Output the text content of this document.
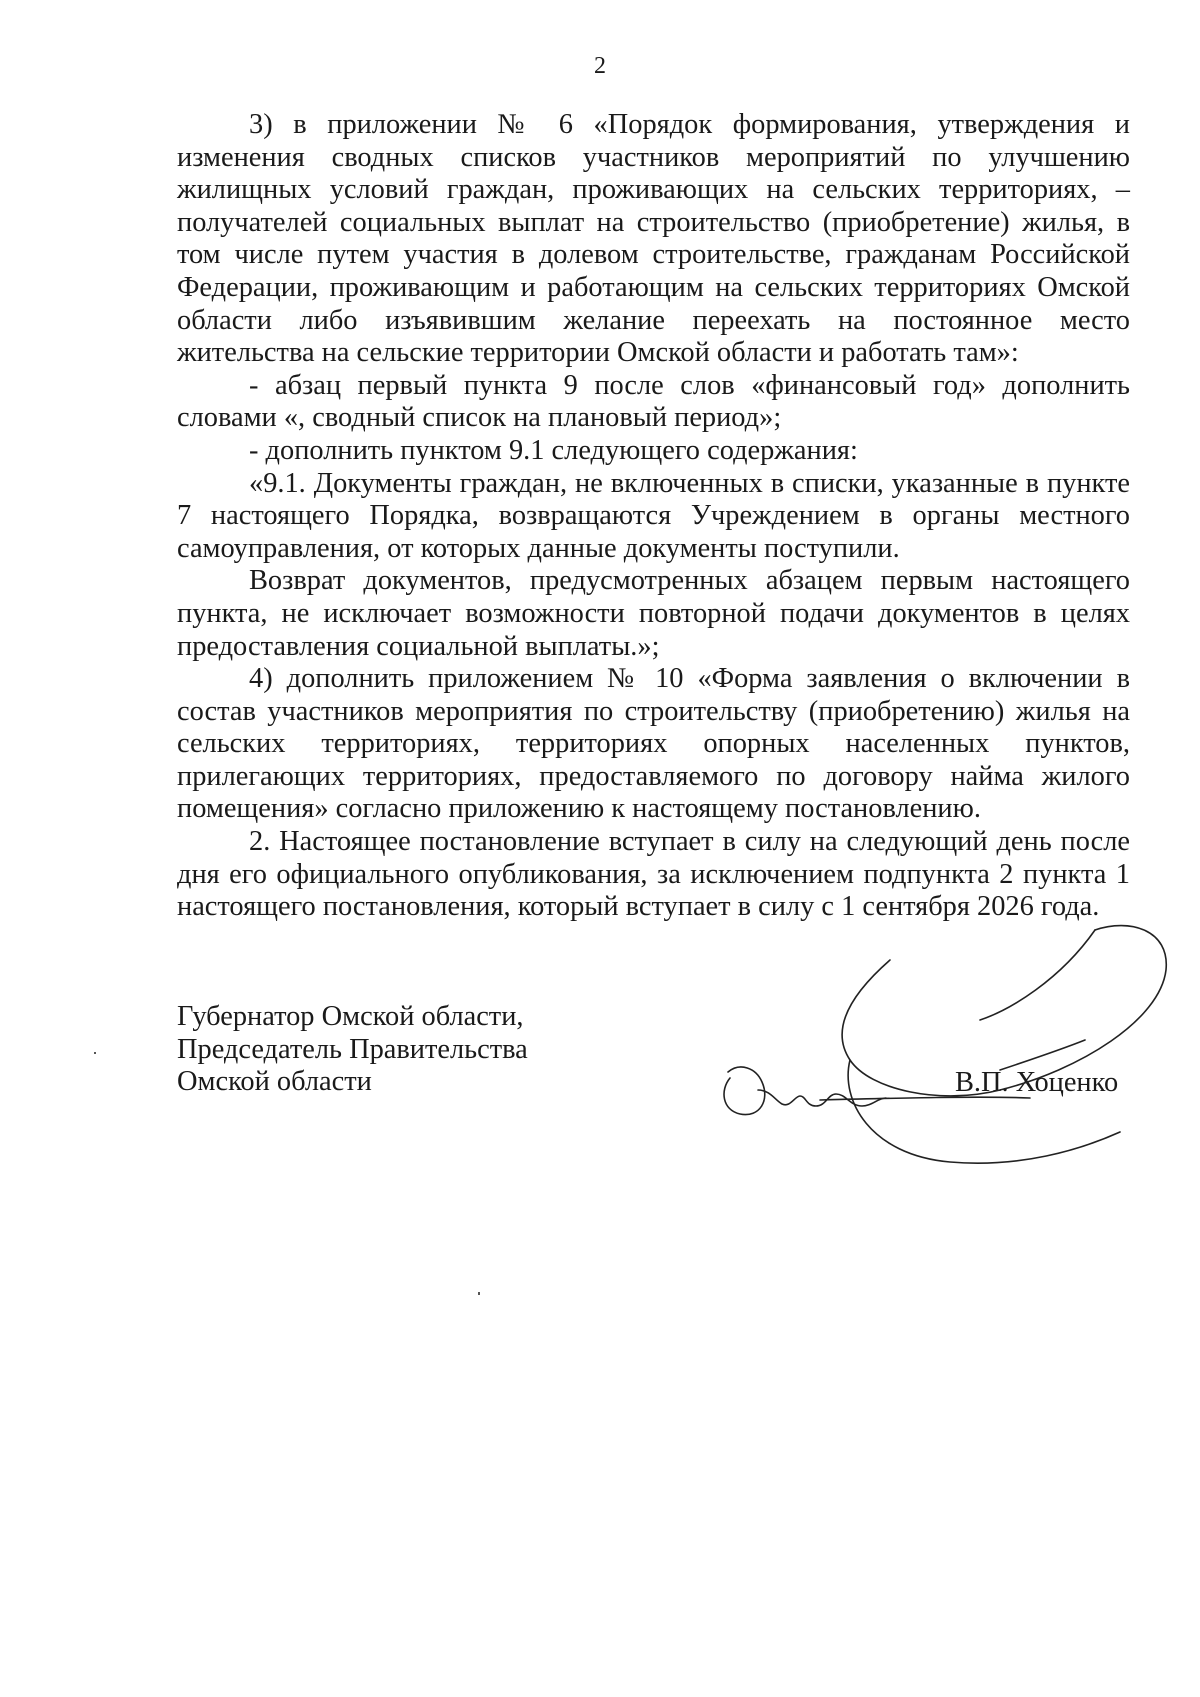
2

3) в приложении № 6 «Порядок формирования, утверждения и изменения сводных списков участников мероприятий по улучшению жилищных условий граждан, проживающих на сельских территориях, – получателей социальных выплат на строительство (приобретение) жилья, в том числе путем участия в долевом строительстве, гражданам Российской Федерации, проживающим и работающим на сельских территориях Омской области либо изъявившим желание переехать на постоянное место жительства на сельские территории Омской области и работать там»:

- абзац первый пункта 9 после слов «финансовый год» дополнить словами «, сводный список на плановый период»;

- дополнить пунктом 9.1 следующего содержания:

«9.1. Документы граждан, не включенных в списки, указанные в пункте 7 настоящего Порядка, возвращаются Учреждением в органы местного самоуправления, от которых данные документы поступили.

Возврат документов, предусмотренных абзацем первым настоящего пункта, не исключает возможности повторной подачи документов в целях предоставления социальной выплаты.»;

4) дополнить приложением № 10 «Форма заявления о включении в состав участников мероприятия по строительству (приобретению) жилья на сельских территориях, территориях опорных населенных пунктов, прилегающих территориях, предоставляемого по договору найма жилого помещения» согласно приложению к настоящему постановлению.

2. Настоящее постановление вступает в силу на следующий день после дня его официального опубликования, за исключением подпункта 2 пункта 1 настоящего постановления, который вступает в силу с 1 сентября 2026 года.

Губернатор Омской области,
Председатель Правительства
Омской области	В.П. Хоценко
